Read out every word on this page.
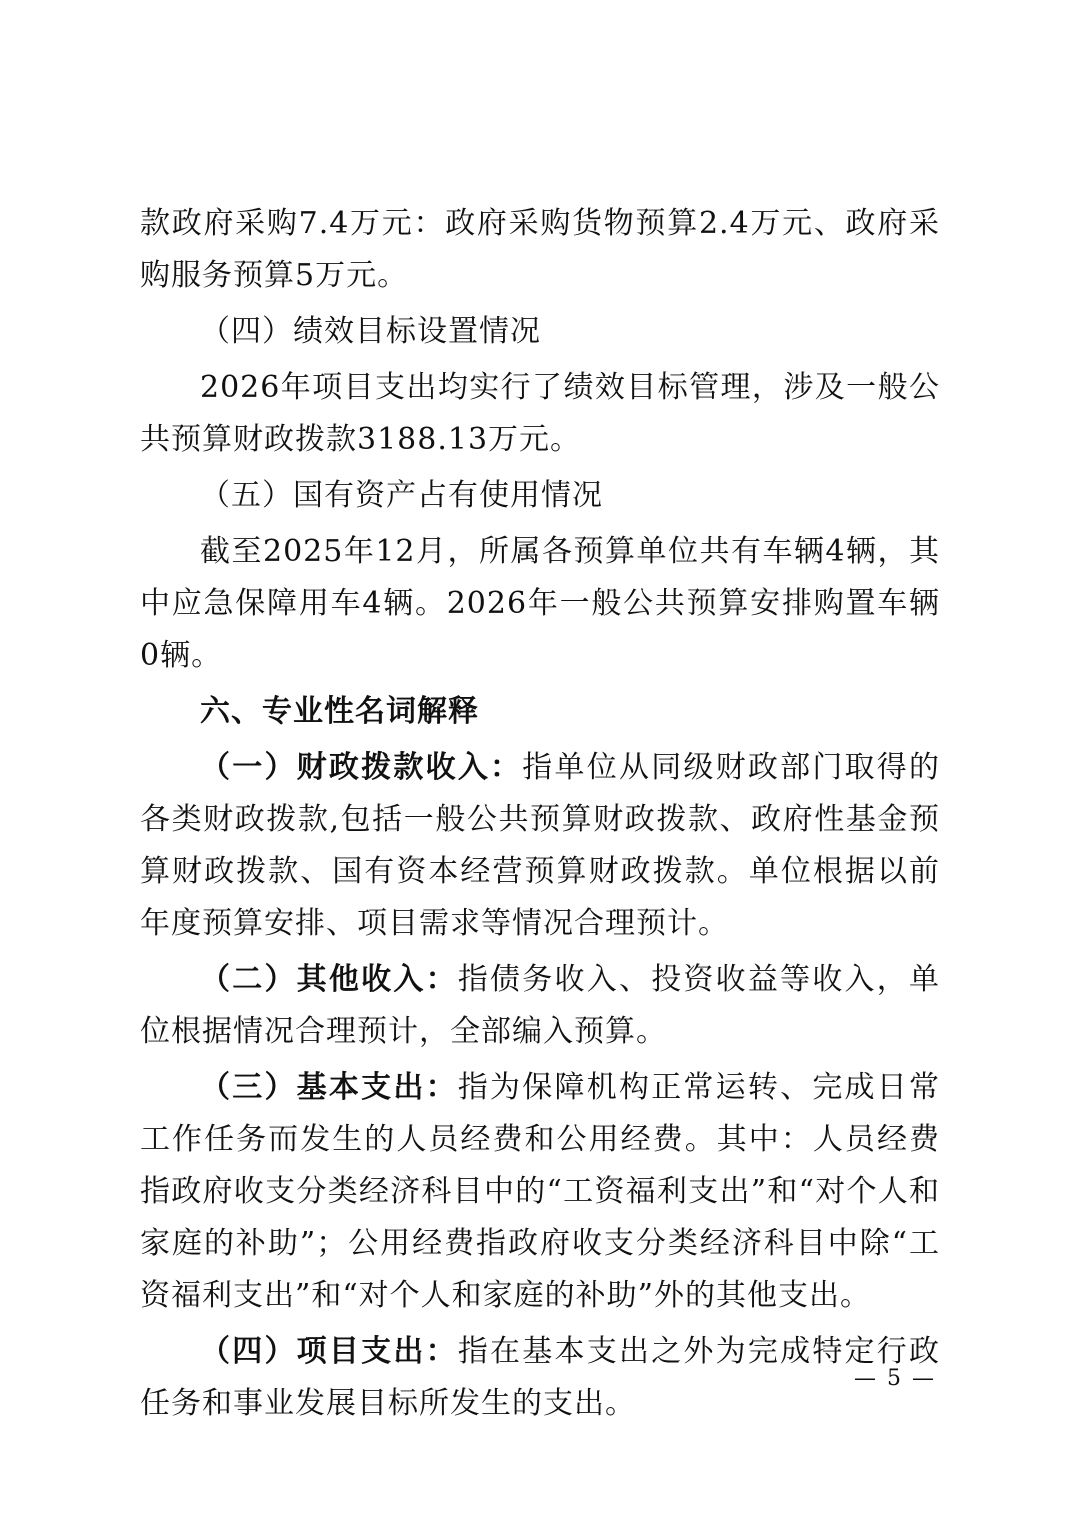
款政府采购7.4万元：政府采购货物预算2.4万元、政府采购服务预算5万元。

（四）绩效目标设置情况

2026年项目支出均实行了绩效目标管理，涉及一般公共预算财政拨款3188.13万元。

（五）国有资产占有使用情况

截至2025年12月，所属各预算单位共有车辆4辆，其中应急保障用车4辆。2026年一般公共预算安排购置车辆0辆。

六、专业性名词解释

（一）财政拨款收入：指单位从同级财政部门取得的各类财政拨款,包括一般公共预算财政拨款、政府性基金预算财政拨款、国有资本经营预算财政拨款。单位根据以前年度预算安排、项目需求等情况合理预计。

（二）其他收入：指债务收入、投资收益等收入，单位根据情况合理预计，全部编入预算。

（三）基本支出：指为保障机构正常运转、完成日常工作任务而发生的人员经费和公用经费。其中：人员经费指政府收支分类经济科目中的“工资福利支出”和“对个人和家庭的补助”；公用经费指政府收支分类经济科目中除“工资福利支出”和“对个人和家庭的补助”外的其他支出。

（四）项目支出：指在基本支出之外为完成特定行政任务和事业发展目标所发生的支出。

— 5 —
